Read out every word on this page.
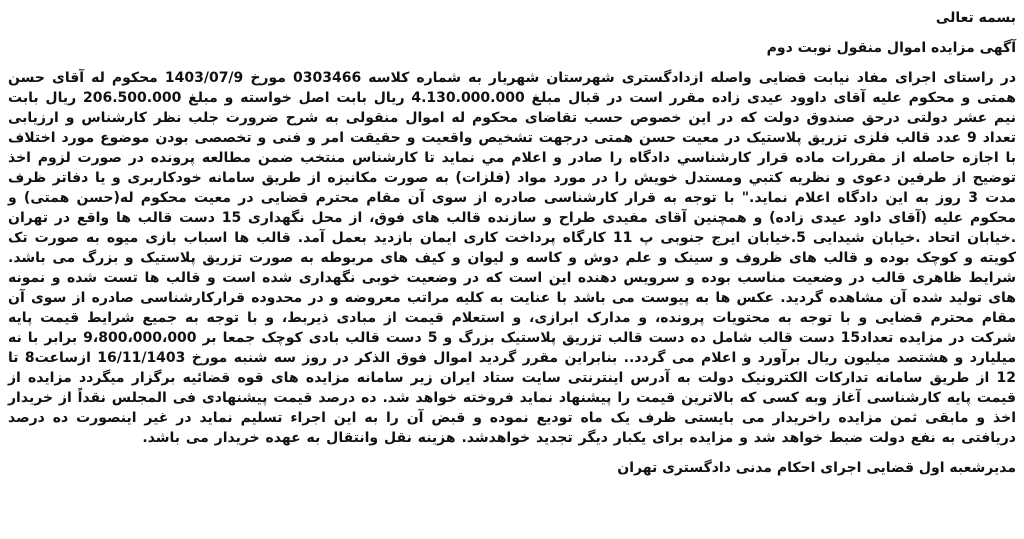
بسمه تعالی

آگهی مزایده اموال منقول نوبت دوم

در راستای اجرای مفاد نیابت قضایی واصله ازدادگستری شهرستان شهریار به شماره کلاسه 0303466 مورخ 1403/07/9 محکوم له آقای حسن همتی و محکوم علیه آقای داوود عیدی زاده مقرر است در قبال مبلغ 4.130.000.000 ریال بابت اصل خواسته و مبلغ 206.500.000 ریال بابت نیم عشر دولتی درحق صندوق دولت که در این خصوص حسب تقاضای محکوم له اموال منقولی به شرح ضرورت جلب نظر کارشناس و ارزیابی تعداد 9 عدد قالب فلزی تزریق پلاستیک در معیت حسن همتی درجهت تشخیص واقعیت و حقیقت امر و فنی و تخصصی بودن موضوع مورد اختلاف با اجازه حاصله از مقررات ماده قرار کارشناسي دادگاه را صادر و اعلام مي نمايد تا کارشناس منتخب ضمن مطالعه پرونده در صورت لزوم اخذ توضیح از طرفین دعوی و نظریه کتبي ومستدل خويش را در مورد مواد (فلزات) به صورت مکانیزه از طریق سامانه خودکاربری و یا دفاتر ظرف مدت 3 روز به این دادگاه اعلام نماید." با توجه به قرار کارشناسی صادره از سوی آن مقام محترم قضایی در معیت محکوم له(حسن همتی) و محکوم علیه (آقای داود عیدی زاده) و همچنین آقای مفیدی طراح و سازنده قالب های فوق، از محل نگهداری 15 دست قالب ها واقع در تهران .خیابان اتحاد .خیابان شیدایی 5.خیابان ایرج جنوبی پ 11 کارگاه پرداخت کاری ایمان بازدید بعمل آمد. قالب ها اسباب بازی میوه به صورت تک کویته و کوچک بوده و قالب های ظروف و سینک و علم دوش و کاسه و لیوان و کیف های مربوطه به صورت تزریق پلاستیک و بزرگ می باشد. شرایط ظاهری قالب در وضعیت مناسب بوده و سرویس دهنده این است که در وضعیت خوبی نگهداری شده است و قالب ها تست شده و نمونه های تولید شده آن مشاهده گردید. عکس ها به پیوست می باشد با عنایت به کلیه مراتب معروضه و در محدوده قرارکارشناسی صادره از سوی آن مقام محترم قضایی و با توجه به محتویات پرونده، و مدارک ابرازی، و استعلام قیمت از مبادی ذیربط، و با توجه به جمیع شرایط قیمت پایه شرکت در مزایده تعداد15 دست قالب شامل ده دست قالب تزریق پلاستیک بزرگ و 5 دست قالب بادی کوچک جمعا بر 9،800،000،000 برابر با نه میلیارد و هشتصد میلیون ریال برآورد و اعلام می گردد.. بنابراین مقرر گردید اموال فوق الذکر در روز سه شنبه مورخ 16/11/1403 ازساعت8 تا 12 از طریق سامانه تدارکات الکترونیک دولت به آدرس اینترنتی سایت ستاد ایران زیر سامانه مزایده های قوه قضائیه برگزار میگردد مزایده از قیمت پایه کارشناسی آغاز وبه کسی که بالاترین قیمت را پیشنهاد نماید فروخته خواهد شد. ده درصد قیمت پیشنهادی فی المجلس نقداً از خریدار اخذ و مابقی ثمن مزایده راخریدار می بایستی ظرف یک ماه تودیع نموده و قبض آن را به این اجراء تسلیم نماید در غیر اینصورت ده درصد دریافتی به نفع دولت ضبط خواهد شد و مزایده برای یکبار دیگر تجدید خواهدشد. هزینه نقل وانتقال به عهده خریدار می باشد.

مدیرشعبه اول قضایی اجرای احکام مدنی دادگستری تهران
